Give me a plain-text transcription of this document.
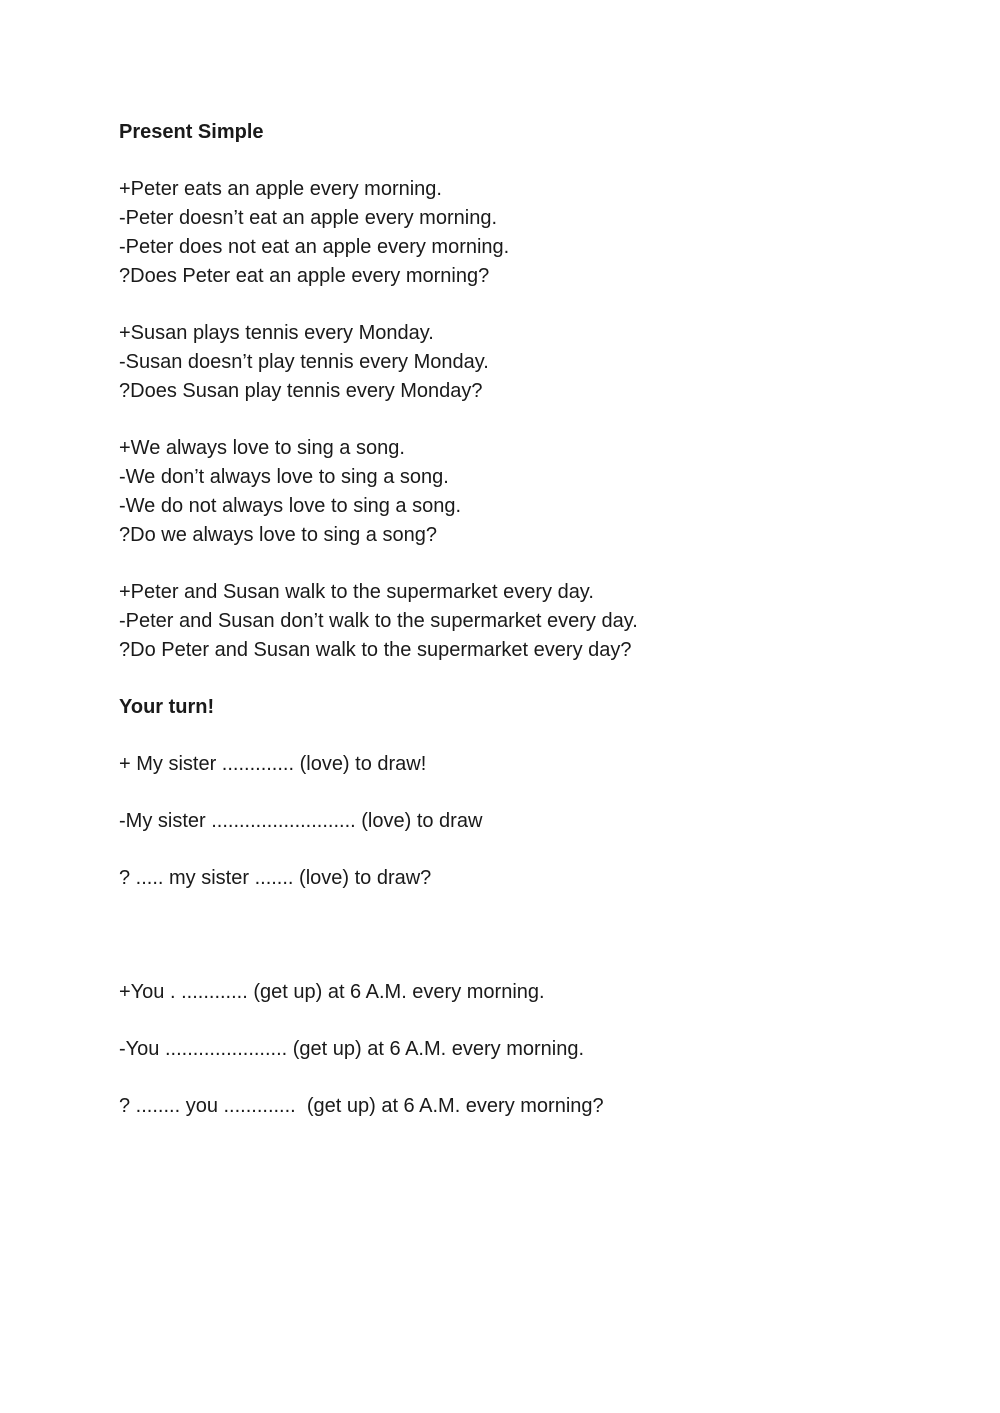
Present Simple
+Peter eats an apple every morning.
-Peter doesn’t eat an apple every morning.
-Peter does not eat an apple every morning.
?Does Peter eat an apple every morning?
+Susan plays tennis every Monday.
-Susan doesn’t play tennis every Monday.
?Does Susan play tennis every Monday?
+We always love to sing a song.
-We don’t always love to sing a song.
-We do not always love to sing a song.
?Do we always love to sing a song?
+Peter and Susan walk to the supermarket every day.
-Peter and Susan don’t walk to the supermarket every day.
?Do Peter and Susan walk to the supermarket every day?
Your turn!
+ My sister ............. (love) to draw!
-My sister .......................... (love) to draw
? ..... my sister ....... (love) to draw?
+You . ............ (get up) at 6 A.M. every morning.
-You ...................... (get up) at 6 A.M. every morning.
? ........ you .............  (get up) at 6 A.M. every morning?
